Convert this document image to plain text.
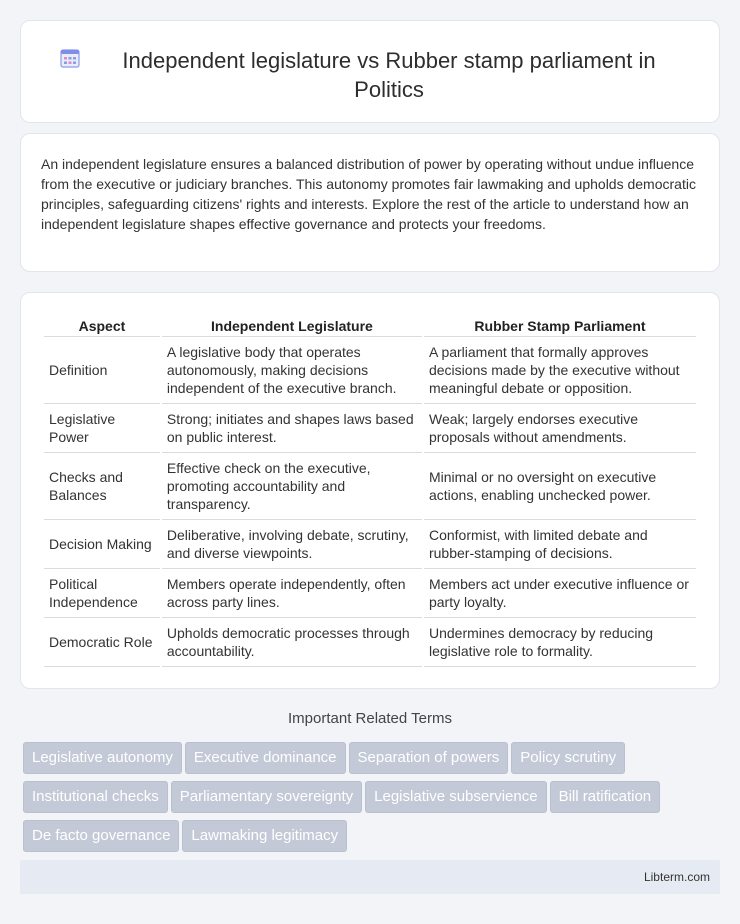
Independent legislature vs Rubber stamp parliament in Politics

An independent legislature ensures a balanced distribution of power by operating without undue influence from the executive or judiciary branches. This autonomy promotes fair lawmaking and upholds democratic principles, safeguarding citizens' rights and interests. Explore the rest of the article to understand how an independent legislature shapes effective governance and protects your freedoms.

Aspect	Independent Legislature	Rubber Stamp Parliament
Definition	A legislative body that operates autonomously, making decisions independent of the executive branch.	A parliament that formally approves decisions made by the executive without meaningful debate or opposition.
Legislative Power	Strong; initiates and shapes laws based on public interest.	Weak; largely endorses executive proposals without amendments.
Checks and Balances	Effective check on the executive, promoting accountability and transparency.	Minimal or no oversight on executive actions, enabling unchecked power.
Decision Making	Deliberative, involving debate, scrutiny, and diverse viewpoints.	Conformist, with limited debate and rubber-stamping of decisions.
Political Independence	Members operate independently, often across party lines.	Members act under executive influence or party loyalty.
Democratic Role	Upholds democratic processes through accountability.	Undermines democracy by reducing legislative role to formality.
Important Related Terms
Legislative autonomy Executive dominance Separation of powers Policy scrutiny
Institutional checks Parliamentary sovereignty Legislative subservience Bill ratification
De facto governance Lawmaking legitimacy
Libterm.com
